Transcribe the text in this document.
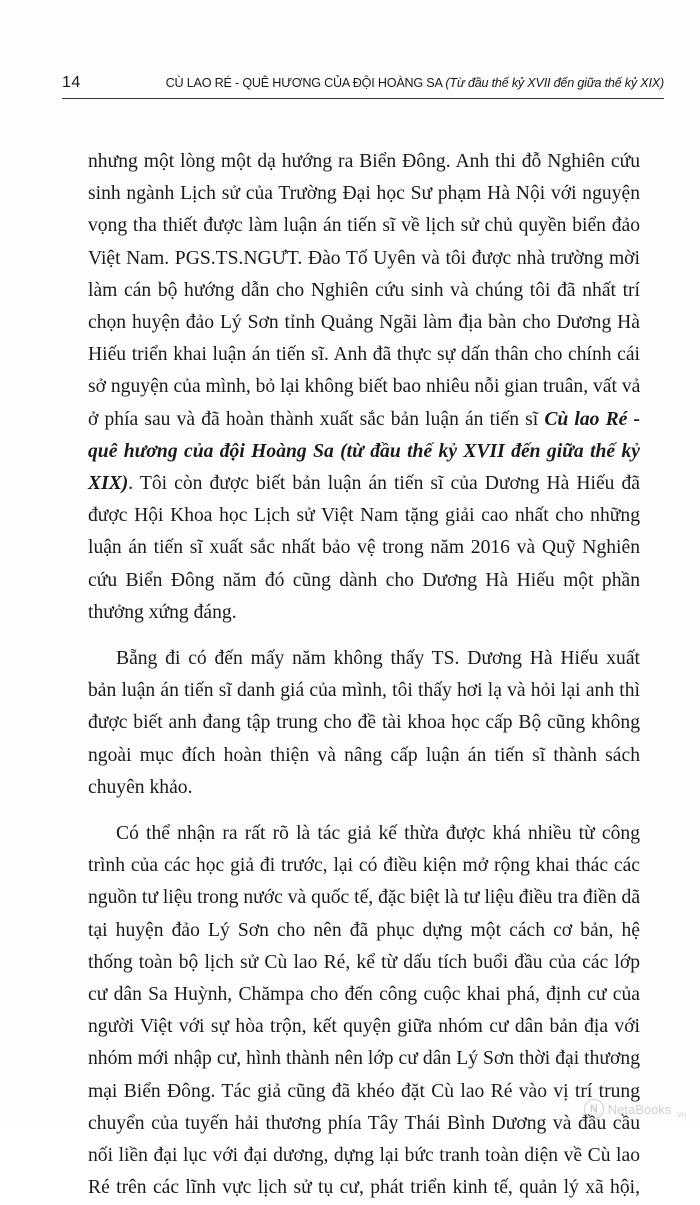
14	CÙ LAO RÉ - QUÊ HƯƠNG CỦA ĐỘI HOÀNG SA (Từ đầu thế kỷ XVII đến giữa thế kỷ XIX)

nhưng một lòng một dạ hướng ra Biển Đông. Anh thi đỗ Nghiên cứu
sinh ngành Lịch sử của Trường Đại học Sư phạm Hà Nội với nguyện
vọng tha thiết được làm luận án tiến sĩ về lịch sử chủ quyền biển đảo
Việt Nam. PGS.TS.NGƯT. Đào Tố Uyên và tôi được nhà trường mời
làm cán bộ hướng dẫn cho Nghiên cứu sinh và chúng tôi đã nhất trí
chọn huyện đảo Lý Sơn tỉnh Quảng Ngãi làm địa bàn cho Dương Hà
Hiếu triển khai luận án tiến sĩ. Anh đã thực sự dấn thân cho chính cái
sở nguyện của mình, bỏ lại không biết bao nhiêu nỗi gian truân, vất vả
ở phía sau và đã hoàn thành xuất sắc bản luận án tiến sĩ Cù lao Ré -
quê hương của đội Hoàng Sa (từ đầu thế kỷ XVII đến giữa thế kỷ
XIX). Tôi còn được biết bản luận án tiến sĩ của Dương Hà Hiếu đã
được Hội Khoa học Lịch sử Việt Nam tặng giải cao nhất cho những
luận án tiến sĩ xuất sắc nhất bảo vệ trong năm 2016 và Quỹ Nghiên
cứu Biển Đông năm đó cũng dành cho Dương Hà Hiếu một phần
thưởng xứng đáng.

Bẵng đi có đến mấy năm không thấy TS. Dương Hà Hiếu xuất
bản luận án tiến sĩ danh giá của mình, tôi thấy hơi lạ và hỏi lại anh thì
được biết anh đang tập trung cho đề tài khoa học cấp Bộ cũng không
ngoài mục đích hoàn thiện và nâng cấp luận án tiến sĩ thành sách
chuyên khảo.

Có thể nhận ra rất rõ là tác giả kế thừa được khá nhiều từ công
trình của các học giả đi trước, lại có điều kiện mở rộng khai thác các
nguồn tư liệu trong nước và quốc tế, đặc biệt là tư liệu điều tra điền dã
tại huyện đảo Lý Sơn cho nên đã phục dựng một cách cơ bản, hệ
thống toàn bộ lịch sử Cù lao Ré, kể từ dấu tích buổi đầu của các lớp
cư dân Sa Huỳnh, Chămpa cho đến công cuộc khai phá, định cư của
người Việt với sự hòa trộn, kết quyện giữa nhóm cư dân bản địa với
nhóm mới nhập cư, hình thành nên lớp cư dân Lý Sơn thời đại thương
mại Biển Đông. Tác giả cũng đã khéo đặt Cù lao Ré vào vị trí trung
chuyển của tuyến hải thương phía Tây Thái Bình Dương và đầu cầu
nối liền đại lục với đại dương, dựng lại bức tranh toàn diện về Cù lao
Ré trên các lĩnh vực lịch sử tụ cư, phát triển kinh tế, quản lý xã hội,

N NetaBooks .vn
